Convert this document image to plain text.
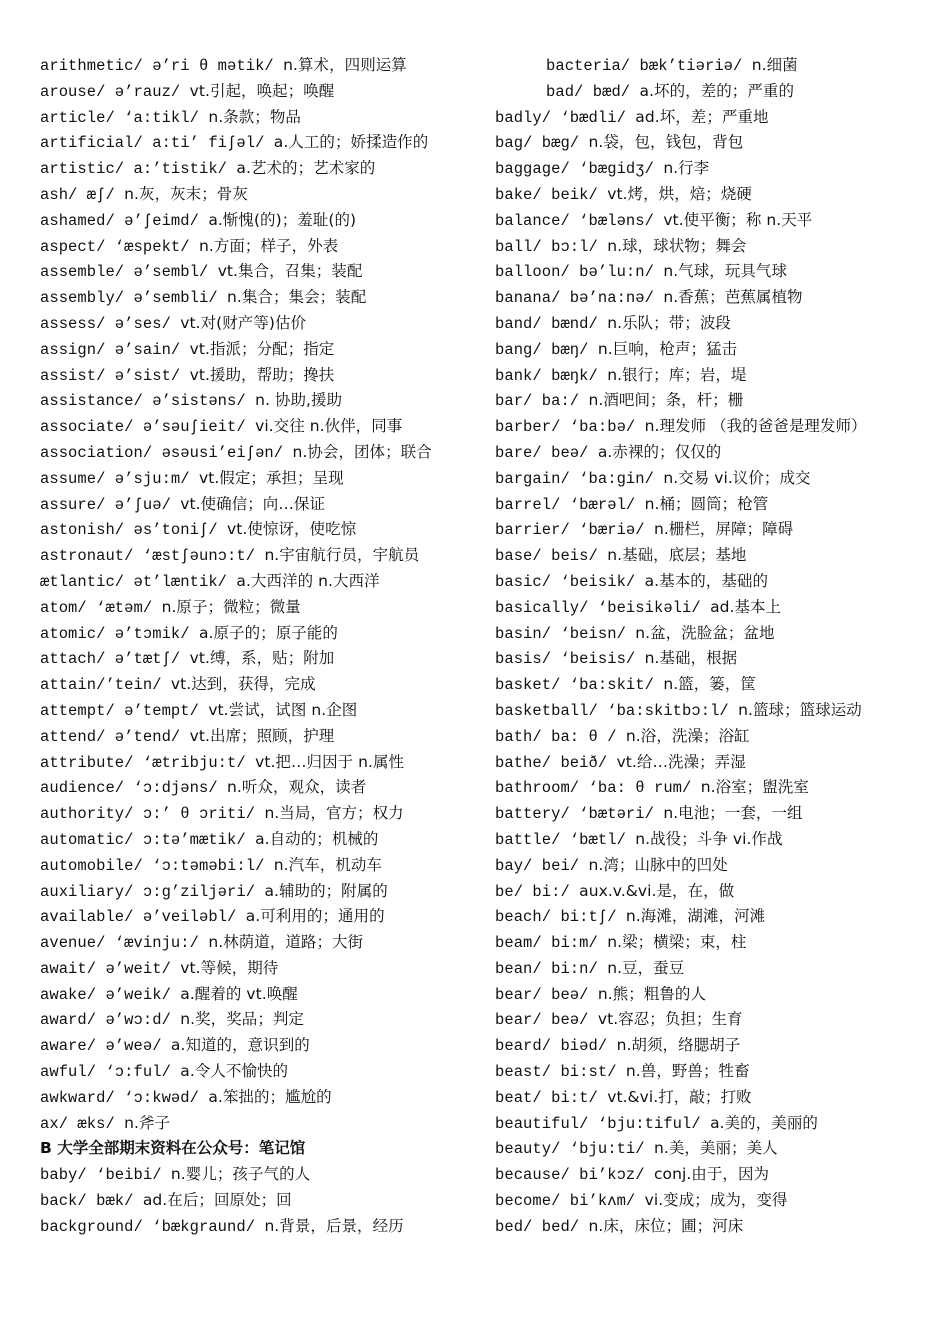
arithmetic/ ə’ri θ mətik/ n.算术，四则运算
arouse/ ə’rauz/ vt.引起，唤起；唤醒
article/ ‘a:tikl/ n.条款；物品
artificial/ a:ti’ fiʃəl/ a.人工的；娇揉造作的
artistic/ a:’tistik/ a.艺术的；艺术家的
ash/ æʃ/ n.灰，灰末；骨灰
ashamed/ ə’ʃeimd/ a.惭愧(的)；羞耻(的)
aspect/ ‘æspekt/ n.方面；样子，外表
assemble/ ə’sembl/ vt.集合，召集；装配
assembly/ ə’sembli/ n.集合；集会；装配
assess/ ə’ses/ vt.对(财产等)估价
assign/ ə’sain/ vt.指派；分配；指定
assist/ ə’sist/ vt.援助，帮助；搀扶
assistance/ ə’sistəns/ n. 协助,援助
associate/ ə’səuʃieit/ vi.交往 n.伙伴，同事
association/ əsəusi’eiʃən/ n.协会，团体；联合
assume/ ə’sju:m/ vt.假定；承担；呈现
assure/ ə’ʃuə/ vt.使确信；向…保证
astonish/ əs’toniʃ/ vt.使惊讶，使吃惊
astronaut/ ‘æstʃəunɔ:t/ n.宇宙航行员，宇航员
ætlantic/ ət’læntik/ a.大西洋的 n.大西洋
atom/ ‘ætəm/ n.原子；微粒；微量
atomic/ ə’tɔmik/ a.原子的；原子能的
attach/ ə’tætʃ/ vt.缚，系，贴；附加
attain/’tein/ vt.达到，获得，完成
attempt/ ə’tempt/ vt.尝试，试图 n.企图
attend/ ə’tend/ vt.出席；照顾，护理
attribute/ ‘ætribju:t/ vt.把…归因于 n.属性
audience/ ‘ɔ:djəns/ n.听众，观众，读者
authority/ ɔ:’ θ ɔriti/ n.当局，官方；权力
automatic/ ɔ:tə’mætik/ a.自动的；机械的
automobile/ ‘ɔ:təməbi:l/ n.汽车，机动车
auxiliary/ ɔ:g’ziljəri/ a.辅助的；附属的
available/ ə’veiləbl/ a.可利用的；通用的
avenue/ ‘ævinju:/ n.林荫道，道路；大街
await/ ə’weit/ vt.等候，期待
awake/ ə’weik/ a.醒着的 vt.唤醒
award/ ə’wɔ:d/ n.奖，奖品；判定
aware/ ə’weə/ a.知道的，意识到的
awful/ ‘ɔ:ful/ a.令人不愉快的
awkward/ ‘ɔ:kwəd/ a.笨拙的；尴尬的
ax/ æks/ n.斧子
B 大学全部期末资料在公众号：笔记馆
baby/ ‘beibi/ n.婴儿；孩子气的人
back/ bæk/ ad.在后；回原处；回
background/ ‘bækgraund/ n.背景，后景，经历
bacteria/ bæk’tiəriə/ n.细菌
bad/ bæd/ a.坏的，差的；严重的
badly/ ‘bædli/ ad.坏，差；严重地
bag/ bæg/ n.袋，包，钱包，背包
baggage/ ‘bægidʒ/ n.行李
bake/ beik/ vt.烤，烘，焙；烧硬
balance/ ‘bæləns/ vt.使平衡；称 n.天平
ball/ bɔ:l/ n.球，球状物；舞会
balloon/ bə’lu:n/ n.气球，玩具气球
banana/ bə’na:nə/ n.香蕉；芭蕉属植物
band/ bænd/ n.乐队；带；波段
bang/ bæŋ/ n.巨响，枪声；猛击
bank/ bæŋk/ n.银行；库；岩，堤
bar/ ba:/ n.酒吧间；条，杆；栅
barber/ ‘ba:bə/ n.理发师 （我的爸爸是理发师）
bare/ beə/ a.赤裸的；仅仅的
bargain/ ‘ba:gin/ n.交易 vi.议价；成交
barrel/ ‘bærəl/ n.桶；圆筒；枪管
barrier/ ‘bæriə/ n.栅栏，屏障；障碍
base/ beis/ n.基础，底层；基地
basic/ ‘beisik/ a.基本的，基础的
basically/ ‘beisikəli/ ad.基本上
basin/ ‘beisn/ n.盆，洗脸盆；盆地
basis/ ‘beisis/ n.基础，根据
basket/ ‘ba:skit/ n.篮，篓，筐
basketball/ ‘ba:skitbɔ:l/ n.篮球；篮球运动
bath/ ba: θ / n.浴，洗澡；浴缸
bathe/ beið/ vt.给…洗澡；弄湿
bathroom/ ‘ba: θ rum/ n.浴室；盥洗室
battery/ ‘bætəri/ n.电池；一套，一组
battle/ ‘bætl/ n.战役；斗争 vi.作战
bay/ bei/ n.湾；山脉中的凹处
be/ bi:/ aux.v.&vi.是，在，做
beach/ bi:tʃ/ n.海滩，湖滩，河滩
beam/ bi:m/ n.梁；横梁；束，柱
bean/ bi:n/ n.豆，蚕豆
bear/ beə/ n.熊；粗鲁的人
bear/ beə/ vt.容忍；负担；生育
beard/ biəd/ n.胡须，络腮胡子
beast/ bi:st/ n.兽，野兽；牲畜
beat/ bi:t/ vt.&vi.打，敲；打败
beautiful/ ‘bju:tiful/ a.美的，美丽的
beauty/ ‘bju:ti/ n.美，美丽；美人
because/ bi’kɔz/ conj.由于，因为
become/ bi’kʌm/ vi.变成；成为，变得
bed/ bed/ n.床，床位；圃；河床
